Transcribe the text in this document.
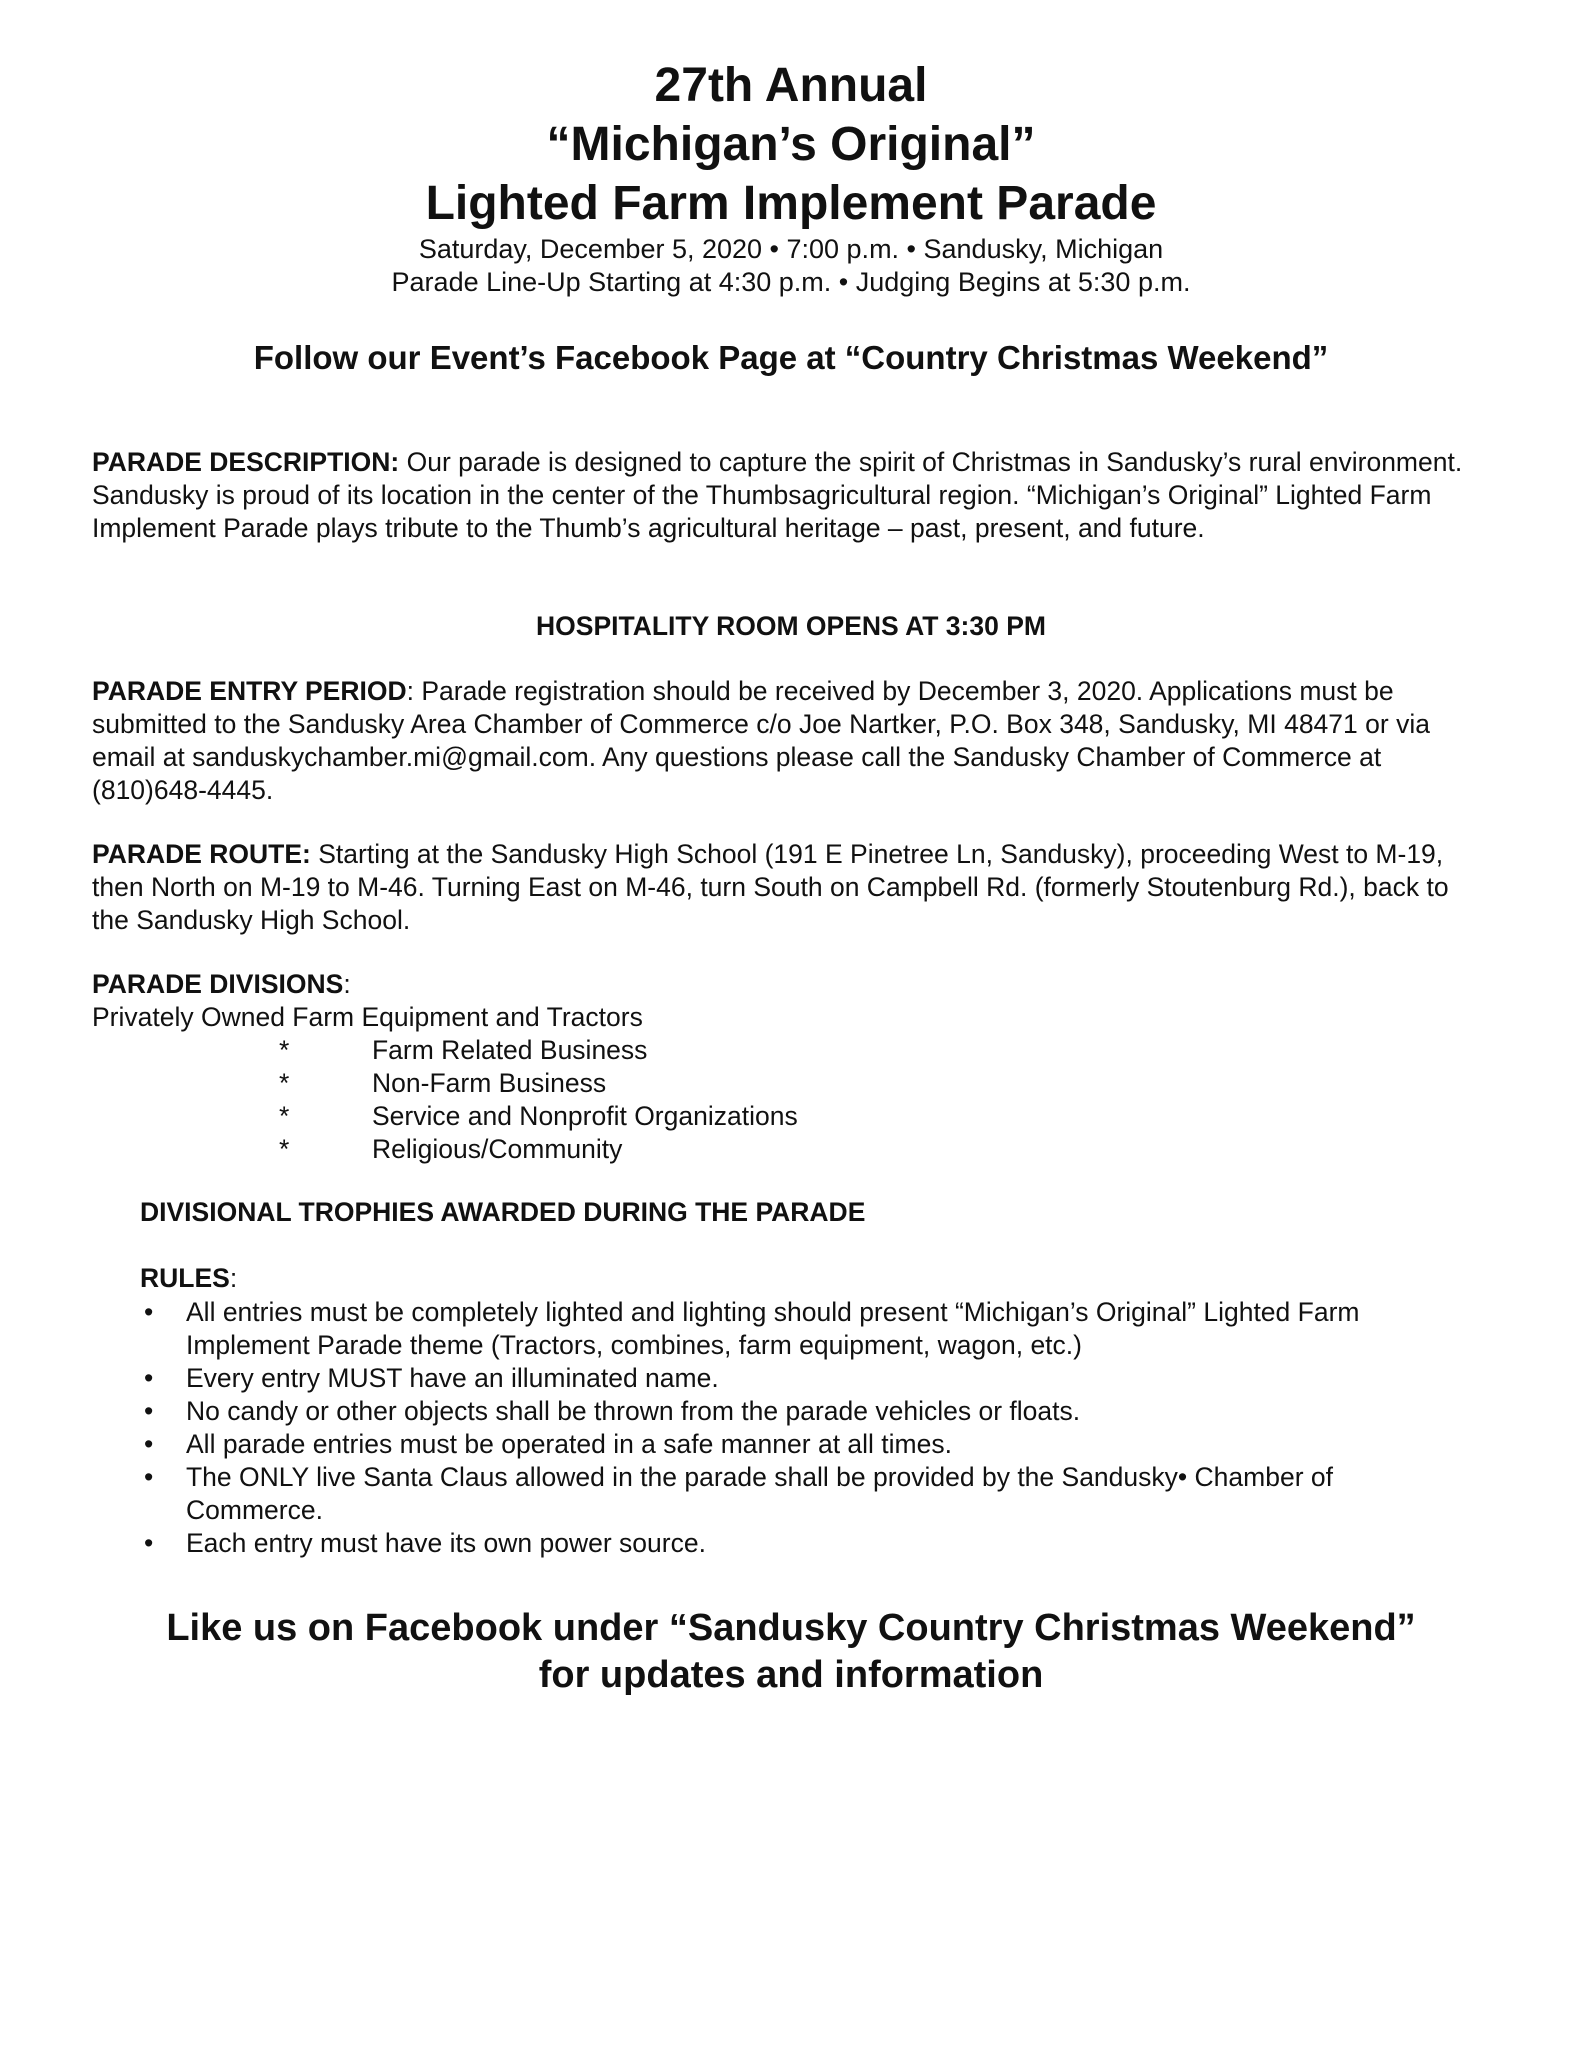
27th Annual

“Michigan’s Original”

Lighted Farm Implement Parade

Saturday, December 5, 2020 • 7:00 p.m. • Sandusky, Michigan

Parade Line-Up Starting at 4:30 p.m. • Judging Begins at 5:30 p.m.

Follow our Event’s Facebook Page at “Country Christmas Weekend”
PARADE DESCRIPTION: Our parade is designed to capture the spirit of Christmas in Sandusky’s rural environment. Sandusky is proud of its location in the center of the Thumbsagricultural region. “Michigan’s Original” Lighted Farm Implement Parade plays tribute to the Thumb’s agricultural heritage – past, present, and future.
HOSPITALITY ROOM OPENS AT 3:30 PM
PARADE ENTRY PERIOD: Parade registration should be received by December 3, 2020. Applications must be submitted to the Sandusky Area Chamber of Commerce c/o Joe Nartker, P.O. Box 348, Sandusky, MI 48471 or via email at sanduskychamber.mi@gmail.com. Any questions please call the Sandusky Chamber of Commerce at (810)648-4445.
PARADE ROUTE: Starting at the Sandusky High School (191 E Pinetree Ln, Sandusky), proceeding West to M-19, then North on M-19 to M-46. Turning East on M-46, turn South on Campbell Rd. (formerly Stoutenburg Rd.), back to the Sandusky High School.
PARADE DIVISIONS:
Privately Owned Farm Equipment and Tractors
*	Farm Related Business
*	Non-Farm Business
*	Service and Nonprofit Organizations
*	Religious/Community
DIVISIONAL TROPHIES AWARDED DURING THE PARADE
RULES:
• All entries must be completely lighted and lighting should present “Michigan’s Original” Lighted Farm Implement Parade theme (Tractors, combines, farm equipment, wagon, etc.)
• Every entry MUST have an illuminated name.
• No candy or other objects shall be thrown from the parade vehicles or floats.
• All parade entries must be operated in a safe manner at all times.
• The ONLY live Santa Claus allowed in the parade shall be provided by the Sandusky• Chamber of Commerce.
• Each entry must have its own power source.
Like us on Facebook under “Sandusky Country Christmas Weekend”
for updates and information
